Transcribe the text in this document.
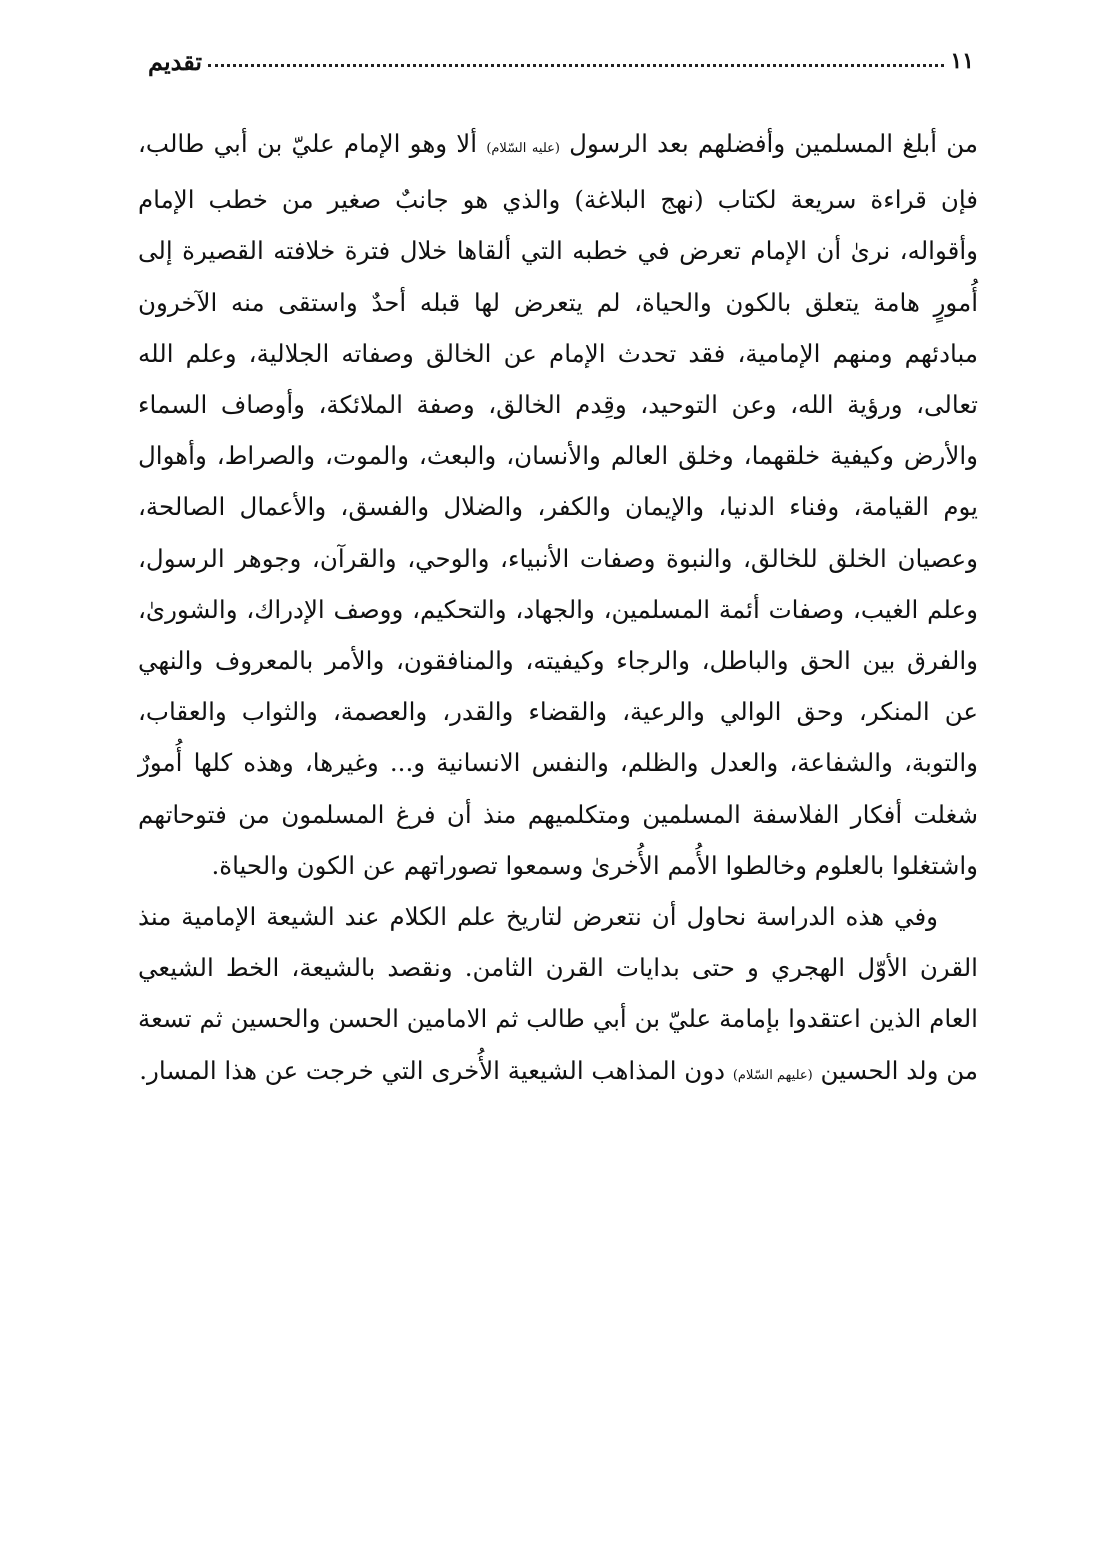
تقديم	١١

من أبلغ المسلمين وأفضلهم بعد الرسول (عليه السّلام) ألا وهو الإمام عليّ بن أبي طالب، فإن قراءة سريعة لكتاب (نهج البلاغة) والذي هو جانبٌ صغير من خطب الإمام وأقواله، نرىٰ أن الإمام تعرض في خطبه التي ألقاها خلال فترة خلافته القصيرة إلى أُمورٍ هامة يتعلق بالكون والحياة، لم يتعرض لها قبله أحدٌ واستقى منه الآخرون مبادئهم ومنهم الإمامية، فقد تحدث الإمام عن الخالق وصفاته الجلالية، وعلم الله تعالى، ورؤية الله، وعن التوحيد، وقِدم الخالق، وصفة الملائكة، وأوصاف السماء والأرض وكيفية خلقهما، وخلق العالم والأنسان، والبعث، والموت، والصراط، وأهوال يوم القيامة، وفناء الدنيا، والإيمان والكفر، والضلال والفسق، والأعمال الصالحة، وعصيان الخلق للخالق، والنبوة وصفات الأنبياء، والوحي، والقرآن، وجوهر الرسول، وعلم الغيب، وصفات أئمة المسلمين، والجهاد، والتحكيم، ووصف الإدراك، والشورىٰ، والفرق بين الحق والباطل، والرجاء وكيفيته، والمنافقون، والأمر بالمعروف والنهي عن المنكر، وحق الوالي والرعية، والقضاء والقدر، والعصمة، والثواب والعقاب، والتوبة، والشفاعة، والعدل والظلم، والنفس الانسانية و... وغيرها، وهذه كلها أُمورٌ شغلت أفكار الفلاسفة المسلمين ومتكلميهم منذ أن فرغ المسلمون من فتوحاتهم واشتغلوا بالعلوم وخالطوا الأُمم الأُخرىٰ وسمعوا تصوراتهم عن الكون والحياة.

وفي هذه الدراسة نحاول أن نتعرض لتاريخ علم الكلام عند الشيعة الإمامية منذ القرن الأوّل الهجري و حتى بدايات القرن الثامن. ونقصد بالشيعة، الخط الشيعي العام الذين اعتقدوا بإمامة عليّ بن أبي طالب ثم الامامين الحسن والحسين ثم تسعة من ولد الحسين (عليهم السّلام) دون المذاهب الشيعية الأُخرى التي خرجت عن هذا المسار.
